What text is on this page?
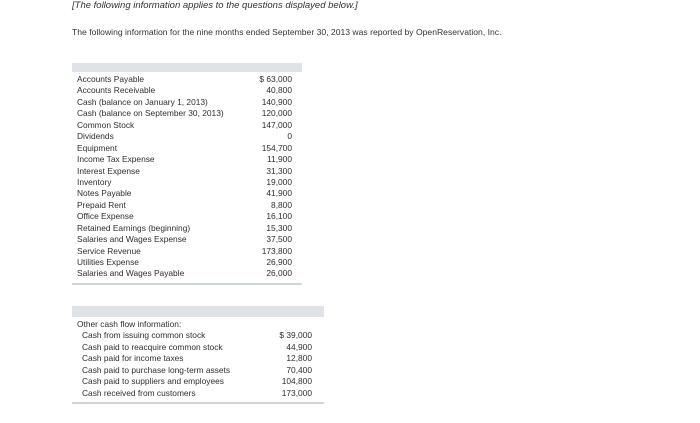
[The following information applies to the questions displayed below.]
The following information for the nine months ended September 30, 2013 was reported by OpenReservation, Inc.
Accounts Payable	$ 63,000
Accounts Receivable	40,800
Cash (balance on January 1, 2013)	140,900
Cash (balance on September 30, 2013)	120,000
Common Stock	147,000
Dividends	0
Equipment	154,700
Income Tax Expense	11,900
Interest Expense	31,300
Inventory	19,000
Notes Payable	41,900
Prepaid Rent	8,800
Office Expense	16,100
Retained Earnings (beginning)	15,300
Salaries and Wages Expense	37,500
Service Revenue	173,800
Utilities Expense	26,900
Salaries and Wages Payable	26,000
Other cash flow information:
Cash from issuing common stock	$ 39,000
Cash paid to reacquire common stock	44,900
Cash paid for income taxes	12,800
Cash paid to purchase long-term assets	70,400
Cash paid to suppliers and employees	104,800
Cash received from customers	173,000
